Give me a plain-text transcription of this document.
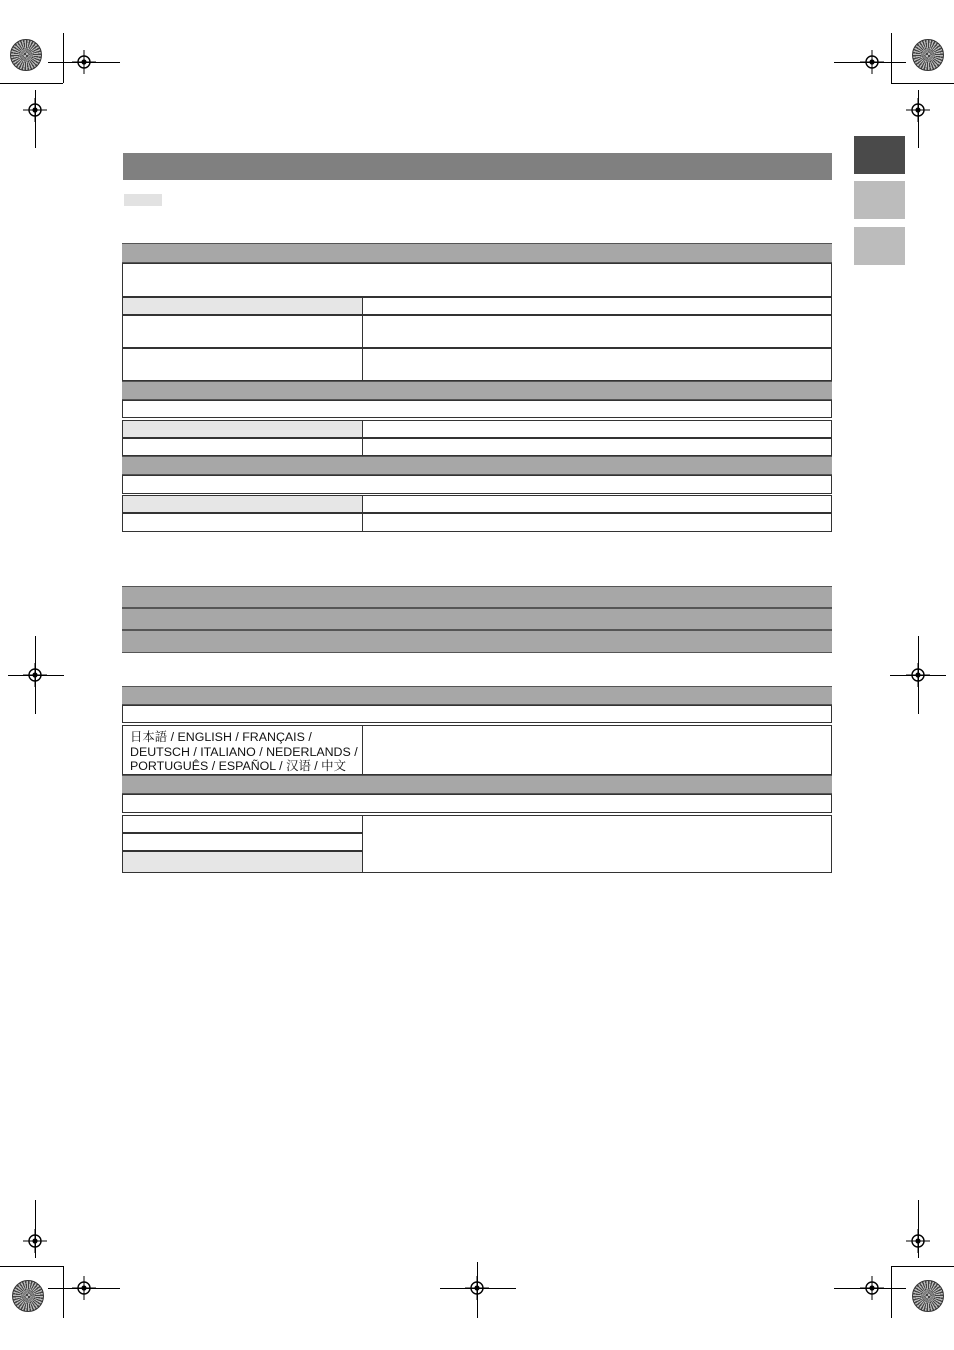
日本語 / ENGLISH / FRANÇAIS /
DEUTSCH / ITALIANO / NEDERLANDS /
PORTUGUÊS / ESPAÑOL / 汉语 / 中文
